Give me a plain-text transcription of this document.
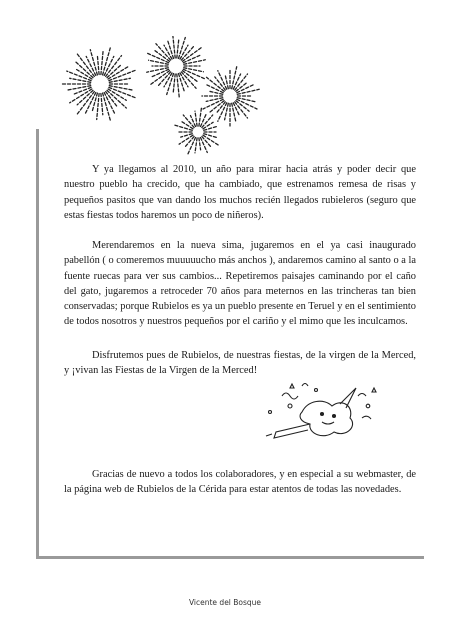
Y ya llegamos al 2010, un año para mirar hacia atrás y poder decir que nuestro pueblo ha crecido, que ha cambiado, que estrenamos remesa de risas y pequeños pasitos que van dando los muchos recién llegados rubieleros (seguro que estas fiestas todos haremos un poco de niñeros).

Merendaremos en la nueva sima, jugaremos en el ya casi inaugurado pabellón ( o comeremos muuuuucho más anchos ), andaremos camino al santo o a la fuente ruecas para ver sus cambios... Repetiremos paisajes caminando por el caño del gato, jugaremos a retroceder 70 años para meternos en las trincheras tan bien conservadas; porque Rubielos es ya un pueblo presente en Teruel y en el sentimiento de todos nosotros y nuestros pequeños por el cariño y el mimo que les inculcamos.

Disfrutemos pues de Rubielos, de nuestras fiestas, de la virgen de la Merced, y ¡vivan las Fiestas de la Virgen de la Merced!

Gracias de nuevo a todos los colaboradores, y en especial a su webmaster, de la página web de Rubielos de la Cérida para estar atentos de todas las novedades.

Vicente del Bosque
